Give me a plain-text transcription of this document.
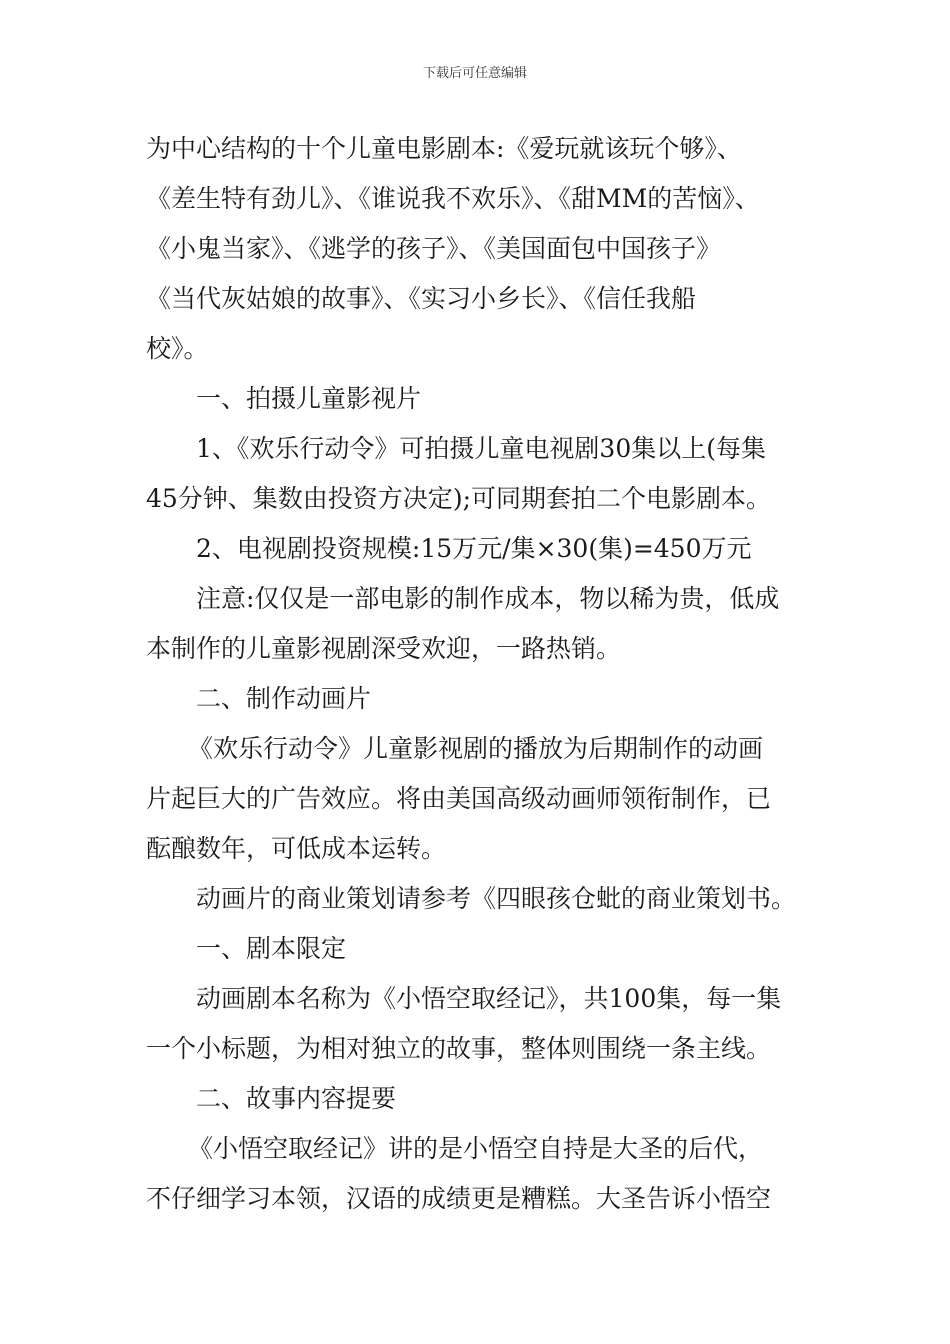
下载后可任意编辑
为中心结构的十个儿童电影剧本:《爱玩就该玩个够》、
《差生特有劲儿》、《谁说我不欢乐》、《甜MM的苦恼》、
《小鬼当家》、《逃学的孩子》、《美国面包中国孩子》
《当代灰姑娘的故事》、《实习小乡长》、《信任我船
校》。
一、拍摄儿童影视片
1、《欢乐行动令》可拍摄儿童电视剧30集以上(每集
45分钟、集数由投资方决定);可同期套拍二个电影剧本。
2、电视剧投资规模:15万元/集×30(集)=450万元
注意:仅仅是一部电影的制作成本，物以稀为贵，低成
本制作的儿童影视剧深受欢迎，一路热销。
二、制作动画片
《欢乐行动令》儿童影视剧的播放为后期制作的动画
片起巨大的广告效应。将由美国高级动画师领衔制作，已
酝酿数年，可低成本运转。
动画片的商业策划请参考《四眼孩仓蚍的商业策划书。
一、剧本限定
动画剧本名称为《小悟空取经记》，共100集，每一集
一个小标题，为相对独立的故事，整体则围绕一条主线。
二、故事内容提要
《小悟空取经记》讲的是小悟空自持是大圣的后代，
不仔细学习本领，汉语的成绩更是糟糕。大圣告诉小悟空
